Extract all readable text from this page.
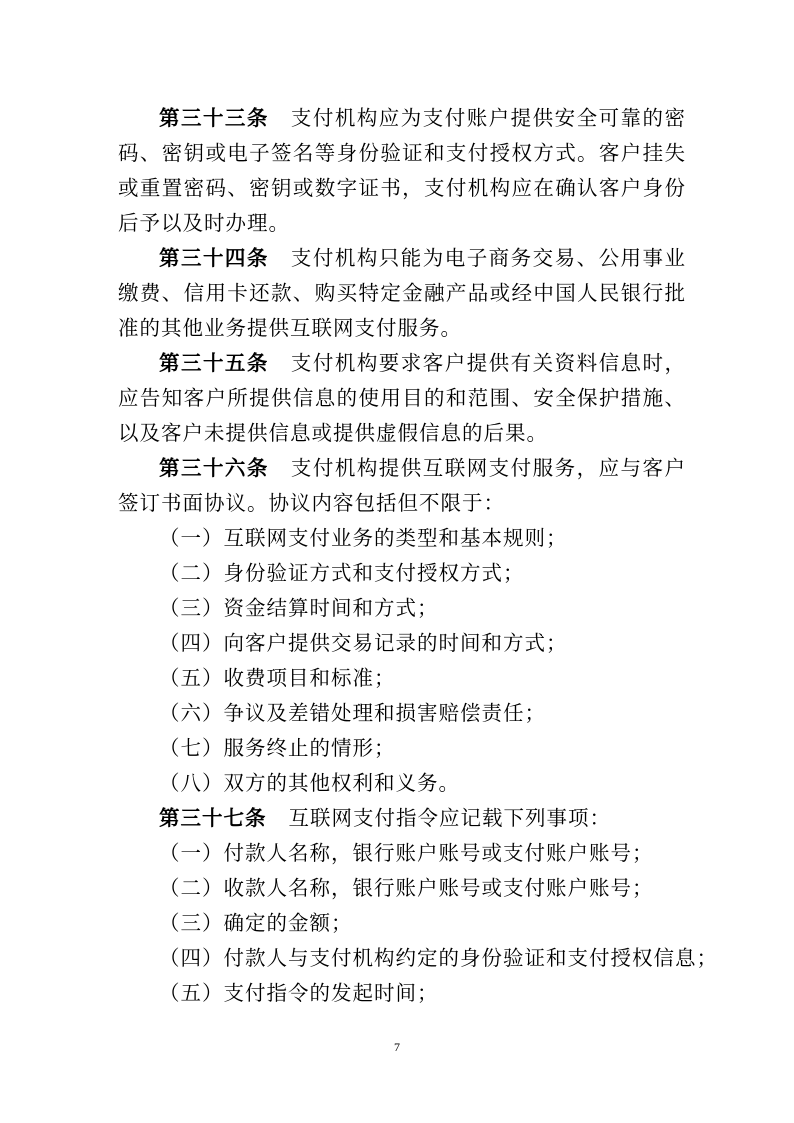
第三十三条 支付机构应为支付账户提供安全可靠的密码、密钥或电子签名等身份验证和支付授权方式。客户挂失或重置密码、密钥或数字证书，支付机构应在确认客户身份后予以及时办理。

第三十四条 支付机构只能为电子商务交易、公用事业缴费、信用卡还款、购买特定金融产品或经中国人民银行批准的其他业务提供互联网支付服务。

第三十五条 支付机构要求客户提供有关资料信息时，应告知客户所提供信息的使用目的和范围、安全保护措施、以及客户未提供信息或提供虚假信息的后果。

第三十六条 支付机构提供互联网支付服务，应与客户签订书面协议。协议内容包括但不限于：

（一）互联网支付业务的类型和基本规则；

（二）身份验证方式和支付授权方式；

（三）资金结算时间和方式；

（四）向客户提供交易记录的时间和方式；

（五）收费项目和标准；

（六）争议及差错处理和损害赔偿责任；

（七）服务终止的情形；

（八）双方的其他权利和义务。

第三十七条 互联网支付指令应记载下列事项：

（一）付款人名称，银行账户账号或支付账户账号；

（二）收款人名称，银行账户账号或支付账户账号；

（三）确定的金额；

（四）付款人与支付机构约定的身份验证和支付授权信息；

（五）支付指令的发起时间；

7
